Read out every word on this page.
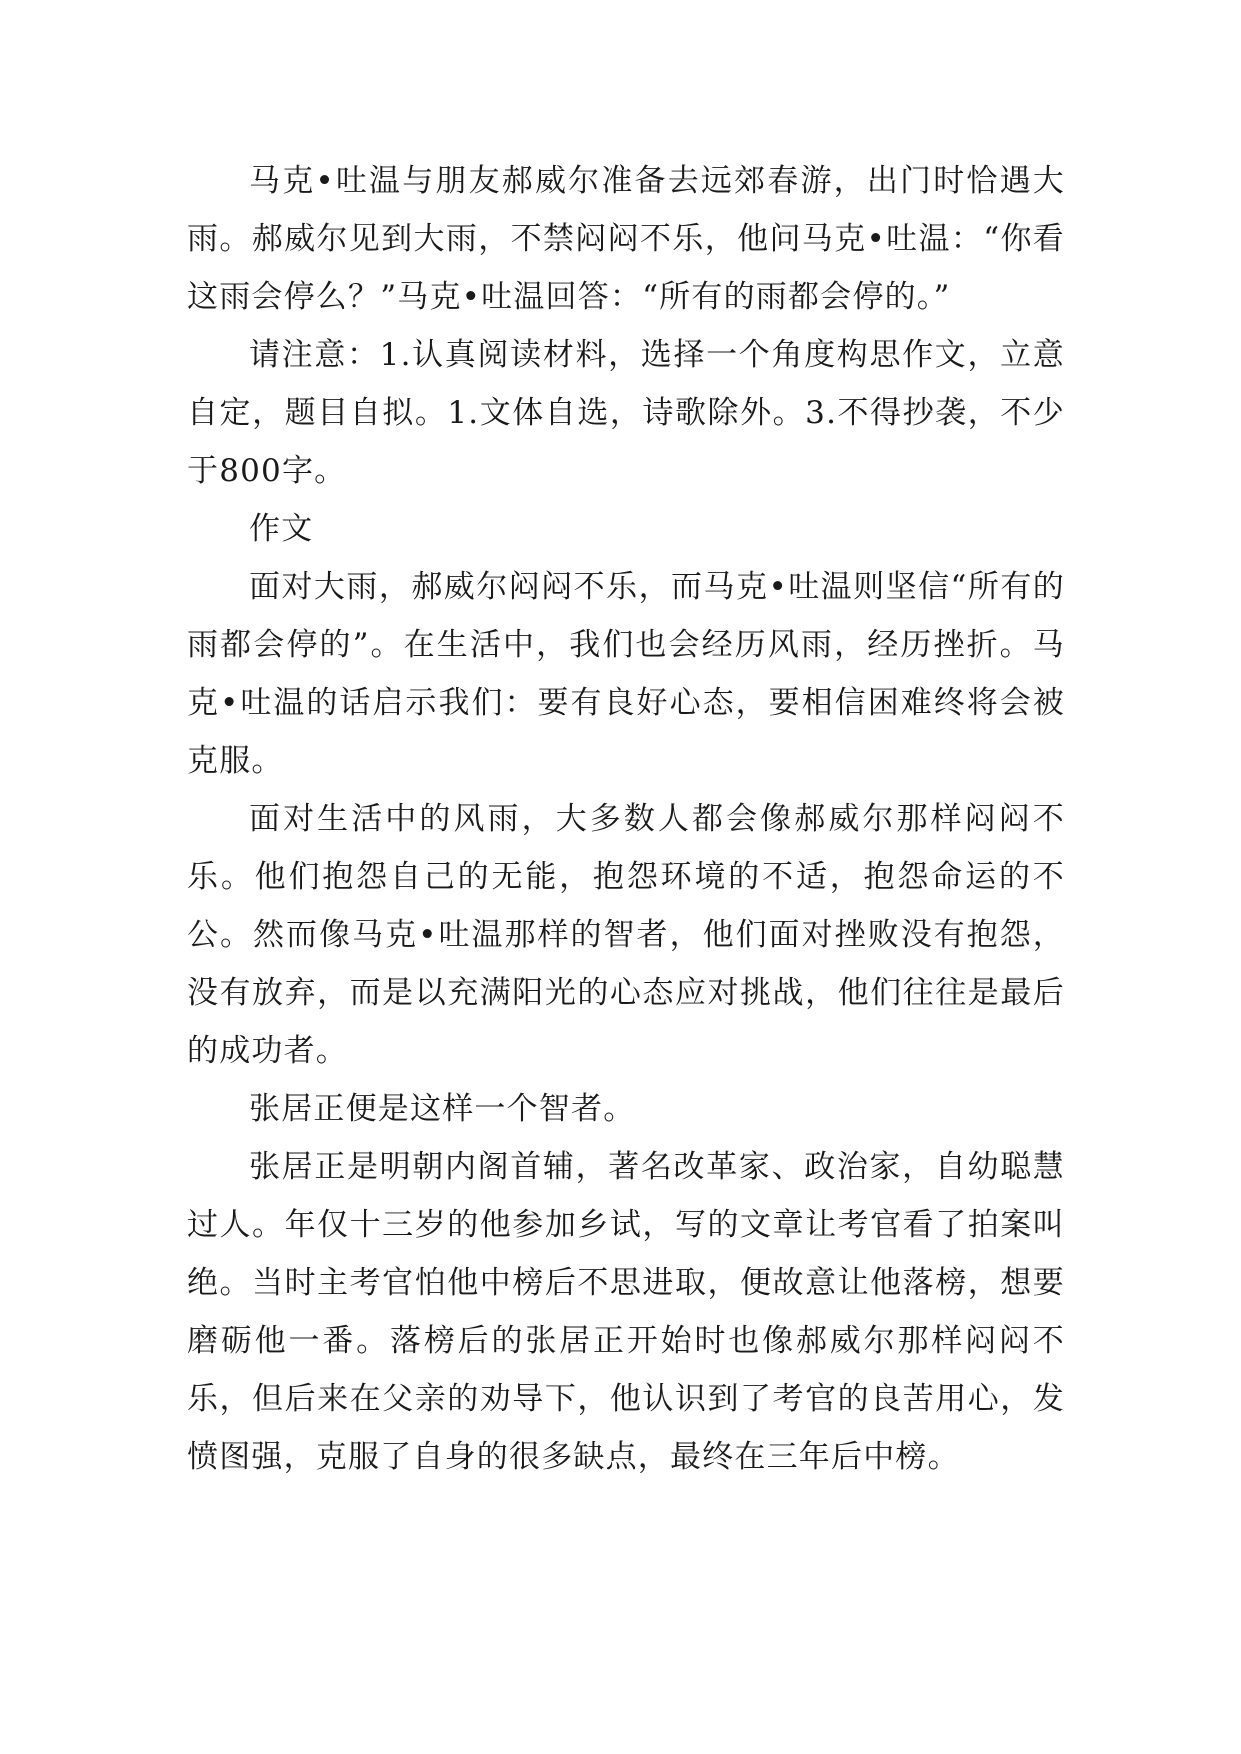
马克•吐温与朋友郝威尔准备去远郊春游，出门时恰遇大雨。郝威尔见到大雨，不禁闷闷不乐，他问马克•吐温：“你看这雨会停么？”马克•吐温回答：“所有的雨都会停的。”

请注意：1.认真阅读材料，选择一个角度构思作文，立意自定，题目自拟。1.文体自选，诗歌除外。3.不得抄袭，不少于800字。

作文

面对大雨，郝威尔闷闷不乐，而马克•吐温则坚信“所有的雨都会停的”。在生活中，我们也会经历风雨，经历挫折。马克•吐温的话启示我们：要有良好心态，要相信困难终将会被克服。

面对生活中的风雨，大多数人都会像郝威尔那样闷闷不乐。他们抱怨自己的无能，抱怨环境的不适，抱怨命运的不公。然而像马克•吐温那样的智者，他们面对挫败没有抱怨，没有放弃，而是以充满阳光的心态应对挑战，他们往往是最后的成功者。

张居正便是这样一个智者。

张居正是明朝内阁首辅，著名改革家、政治家，自幼聪慧过人。年仅十三岁的他参加乡试，写的文章让考官看了拍案叫绝。当时主考官怕他中榜后不思进取，便故意让他落榜，想要磨砺他一番。落榜后的张居正开始时也像郝威尔那样闷闷不乐，但后来在父亲的劝导下，他认识到了考官的良苦用心，发愤图强，克服了自身的很多缺点，最终在三年后中榜。
